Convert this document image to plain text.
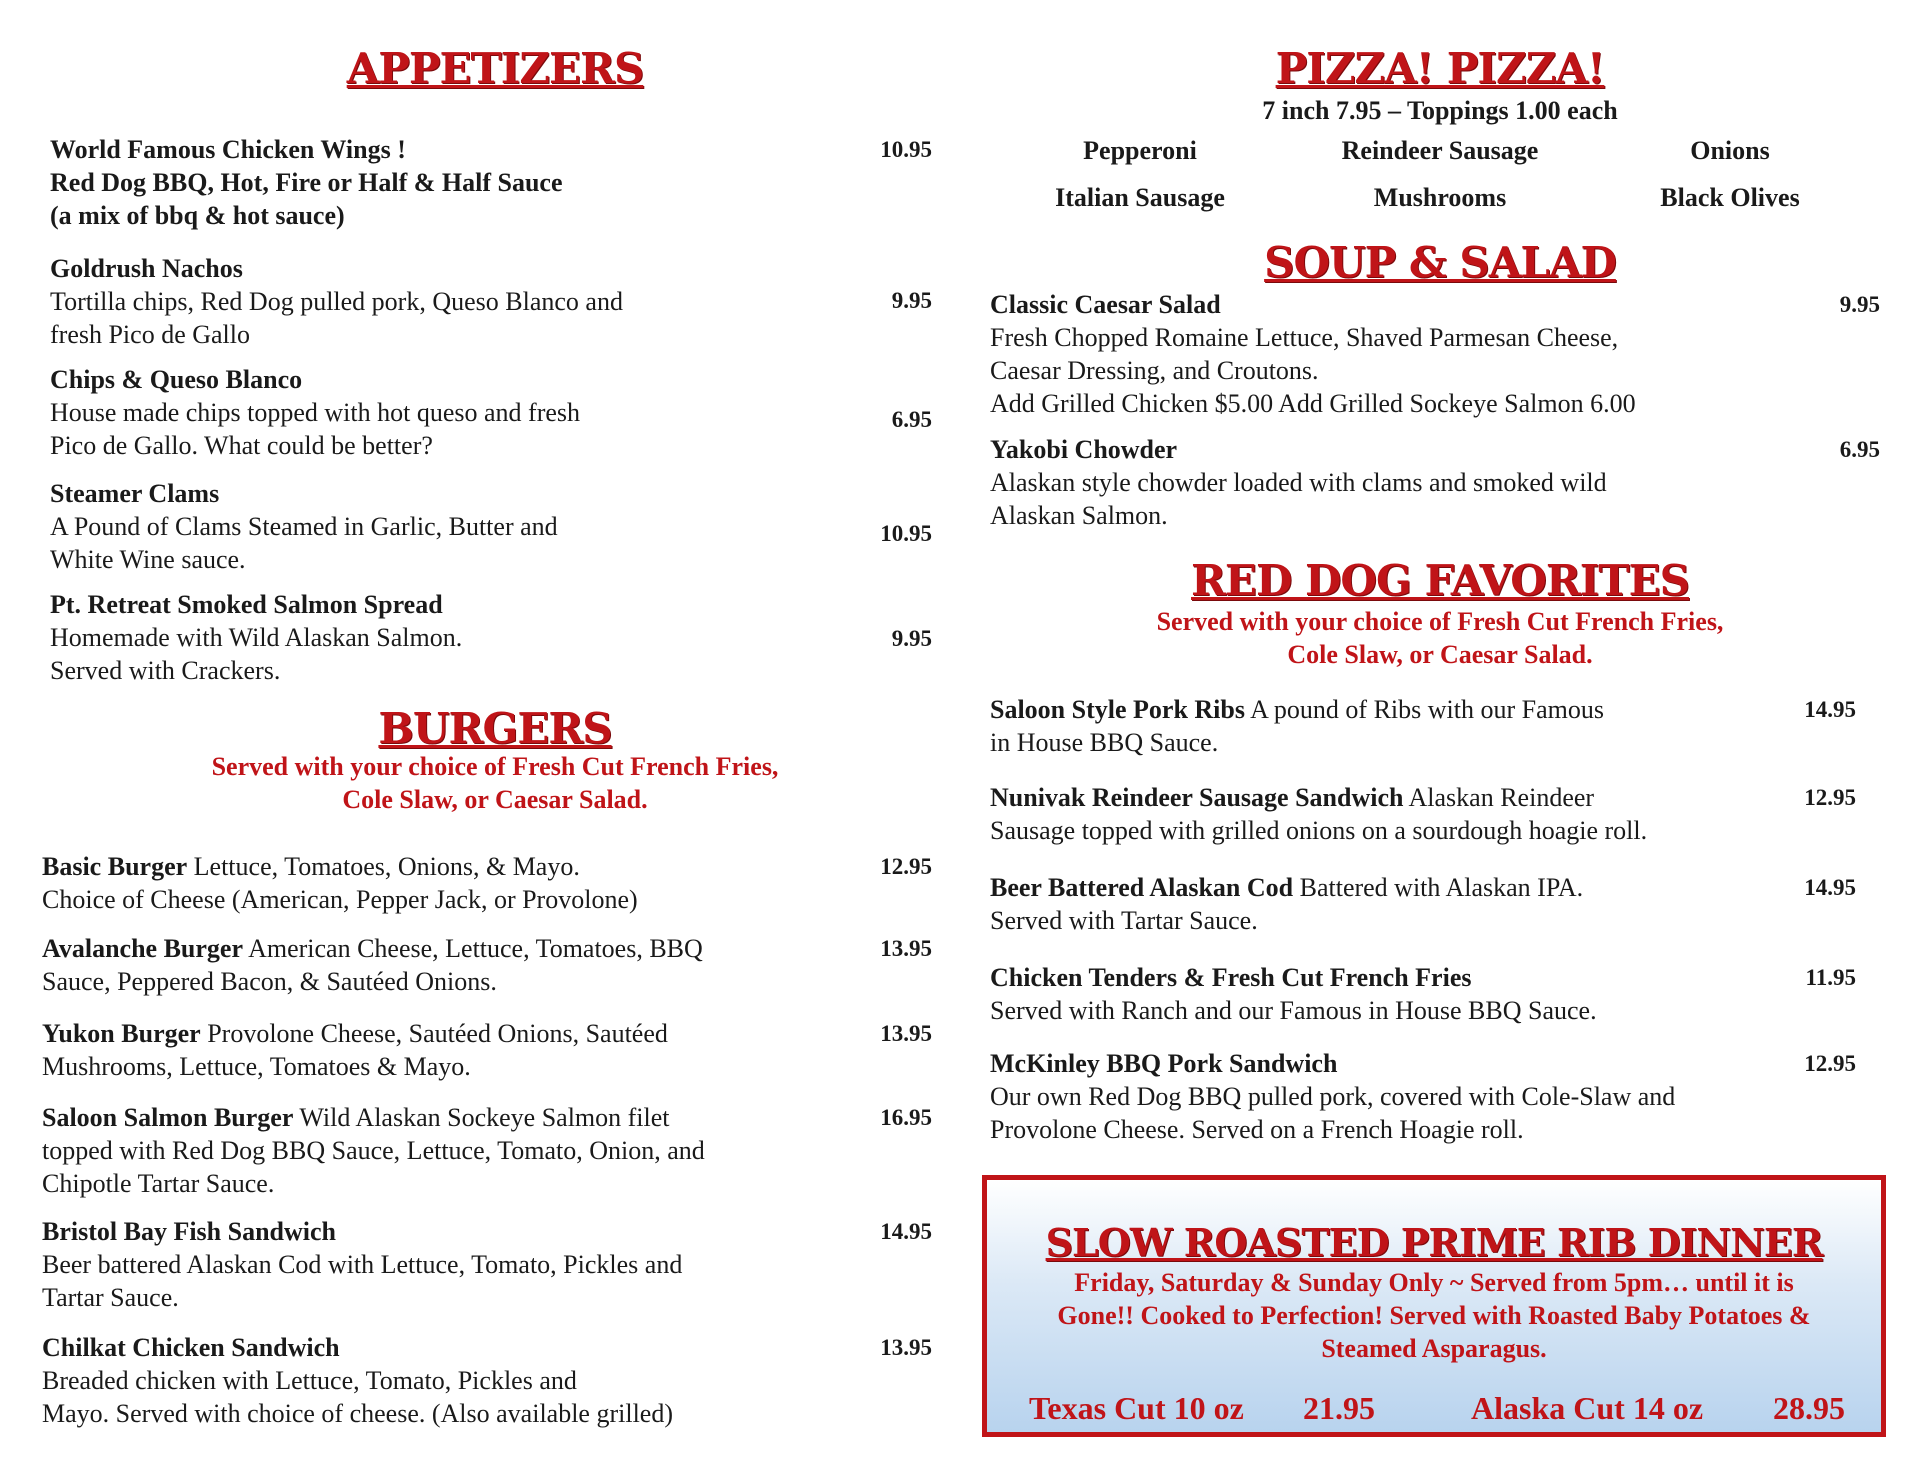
APPETIZERS
World Famous Chicken Wings !
Red Dog BBQ, Hot, Fire or Half & Half Sauce
(a mix of bbq & hot sauce)
10.95
Goldrush Nachos
Tortilla chips, Red Dog pulled pork, Queso Blanco and
fresh Pico de Gallo
9.95
Chips & Queso Blanco
House made chips topped with hot queso and fresh
Pico de Gallo. What could be better?
6.95
Steamer Clams
A Pound of Clams Steamed in Garlic, Butter and
White Wine sauce.
10.95
Pt. Retreat Smoked Salmon Spread
Homemade with Wild Alaskan Salmon.
Served with Crackers.
9.95
BURGERS
Served with your choice of Fresh Cut French Fries,
Cole Slaw, or Caesar Salad.
Basic Burger Lettuce, Tomatoes, Onions, & Mayo.
Choice of Cheese (American, Pepper Jack, or Provolone)
12.95
Avalanche Burger American Cheese, Lettuce, Tomatoes, BBQ
Sauce, Peppered Bacon, & Sautéed Onions.
13.95
Yukon Burger Provolone Cheese, Sautéed Onions, Sautéed
Mushrooms, Lettuce, Tomatoes & Mayo.
13.95
Saloon Salmon Burger Wild Alaskan Sockeye Salmon filet
topped with Red Dog BBQ Sauce, Lettuce, Tomato, Onion, and
Chipotle Tartar Sauce.
16.95
Bristol Bay Fish Sandwich
Beer battered Alaskan Cod with Lettuce, Tomato, Pickles and
Tartar Sauce.
14.95
Chilkat Chicken Sandwich
Breaded chicken with Lettuce, Tomato, Pickles and
Mayo. Served with choice of cheese. (Also available grilled)
13.95
PIZZA! PIZZA!
7 inch 7.95 – Toppings 1.00 each
Pepperoni	Reindeer Sausage	Onions
Italian Sausage	Mushrooms	Black Olives
SOUP & SALAD
Classic Caesar Salad
Fresh Chopped Romaine Lettuce, Shaved Parmesan Cheese,
Caesar Dressing, and Croutons.
Add Grilled Chicken $5.00 Add Grilled Sockeye Salmon 6.00
9.95
Yakobi Chowder
Alaskan style chowder loaded with clams and smoked wild
Alaskan Salmon.
6.95
RED DOG FAVORITES
Served with your choice of Fresh Cut French Fries,
Cole Slaw, or Caesar Salad.
Saloon Style Pork Ribs A pound of Ribs with our Famous
in House BBQ Sauce.
14.95
Nunivak Reindeer Sausage Sandwich Alaskan Reindeer
Sausage topped with grilled onions on a sourdough hoagie roll.
12.95
Beer Battered Alaskan Cod Battered with Alaskan IPA.
Served with Tartar Sauce.
14.95
Chicken Tenders & Fresh Cut French Fries
Served with Ranch and our Famous in House BBQ Sauce.
11.95
McKinley BBQ Pork Sandwich
Our own Red Dog BBQ pulled pork, covered with Cole-Slaw and
Provolone Cheese. Served on a French Hoagie roll.
12.95
SLOW ROASTED PRIME RIB DINNER
Friday, Saturday & Sunday Only ~ Served from 5pm… until it is
Gone!! Cooked to Perfection! Served with Roasted Baby Potatoes &
Steamed Asparagus.
Texas Cut 10 oz 21.95	Alaska Cut 14 oz 28.95
